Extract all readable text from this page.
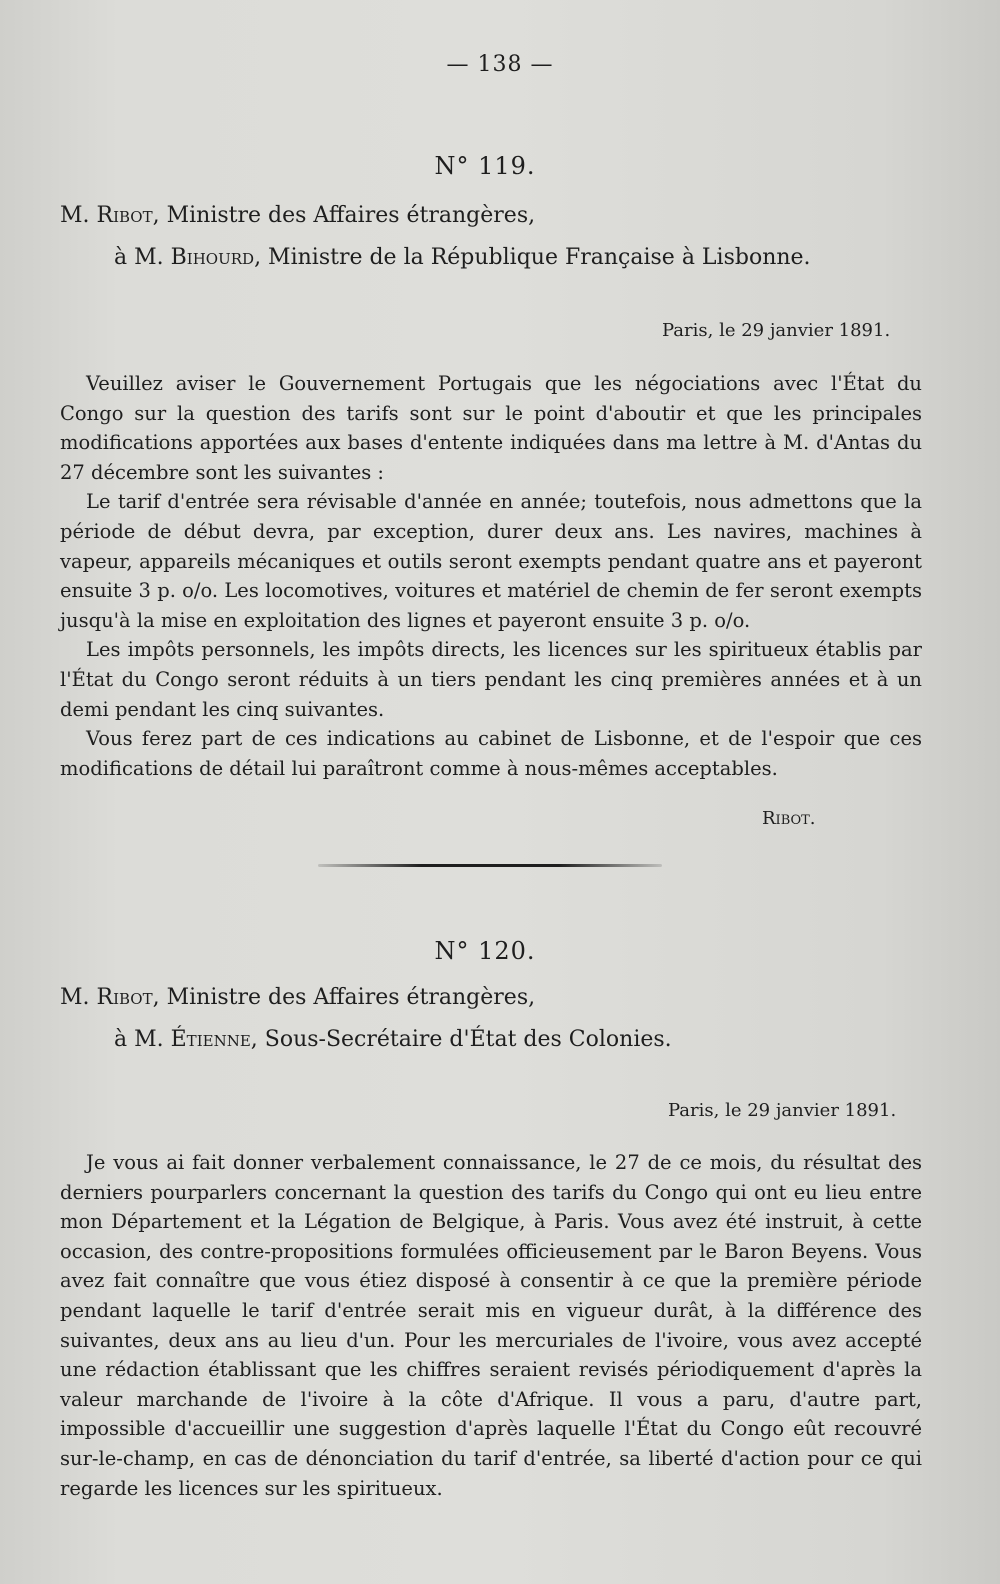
— 138 —
N° 119.
M. Ribot, Ministre des Affaires étrangères,
à M. Bihourd, Ministre de la République Française à Lisbonne.
Paris, le 29 janvier 1891.

Veuillez aviser le Gouvernement Portugais que les négociations avec l'État du Congo sur la question des tarifs sont sur le point d'aboutir et que les principales modifications apportées aux bases d'entente indiquées dans ma lettre à M. d'Antas du 27 décembre sont les suivantes :

Le tarif d'entrée sera révisable d'année en année; toutefois, nous admettons que la période de début devra, par exception, durer deux ans. Les navires, machines à vapeur, appareils mécaniques et outils seront exempts pendant quatre ans et payeront ensuite 3 p. o/o. Les locomotives, voitures et matériel de chemin de fer seront exempts jusqu'à la mise en exploitation des lignes et payeront ensuite 3 p. o/o.

Les impôts personnels, les impôts directs, les licences sur les spiritueux établis par l'État du Congo seront réduits à un tiers pendant les cinq premières années et à un demi pendant les cinq suivantes.

Vous ferez part de ces indications au cabinet de Lisbonne, et de l'espoir que ces modifications de détail lui paraîtront comme à nous-mêmes acceptables.

Ribot.
N° 120.
M. Ribot, Ministre des Affaires étrangères,
à M. Étienne, Sous-Secrétaire d'État des Colonies.
Paris, le 29 janvier 1891.

Je vous ai fait donner verbalement connaissance, le 27 de ce mois, du résultat des derniers pourparlers concernant la question des tarifs du Congo qui ont eu lieu entre mon Département et la Légation de Belgique, à Paris. Vous avez été instruit, à cette occasion, des contre-propositions formulées officieusement par le Baron Beyens. Vous avez fait connaître que vous étiez disposé à consentir à ce que la première période pendant laquelle le tarif d'entrée serait mis en vigueur durât, à la différence des suivantes, deux ans au lieu d'un. Pour les mercuriales de l'ivoire, vous avez accepté une rédaction établissant que les chiffres seraient revisés périodiquement d'après la valeur marchande de l'ivoire à la côte d'Afrique. Il vous a paru, d'autre part, impossible d'accueillir une suggestion d'après laquelle l'État du Congo eût recouvré sur-le-champ, en cas de dénonciation du tarif d'entrée, sa liberté d'action pour ce qui regarde les licences sur les spiritueux.
